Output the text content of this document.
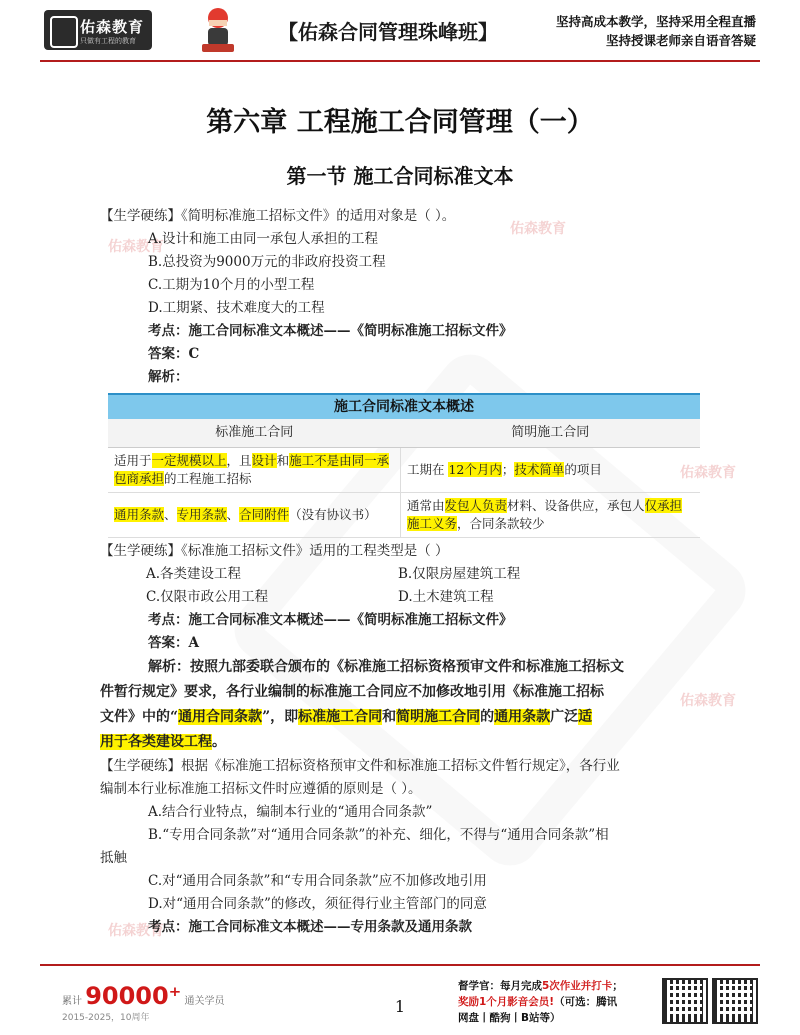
佑森教育
只做有工程的教育	【佑森合同管理珠峰班】	坚持高成本教学，坚持采用全程直播
坚持授课老师亲自语音答疑
佑森教育
佑森教育
佑森教育
佑森教育
佑森教育
第六章 工程施工合同管理（一）
第一节 施工合同标准文本
【生学硬练】《简明标准施工招标文件》的适用对象是（ ）。
A.设计和施工由同一承包人承担的工程
B.总投资为9000万元的非政府投资工程
C.工期为10个月的小型工程
D.工期紧、技术难度大的工程
考点：施工合同标准文本概述——《简明标准施工招标文件》
答案：C
解析：
施工合同标准文本概述	
标准施工合同	简明施工合同
适用于一定规模以上，且设计和施工不是由同一承包商承担的工程施工招标	工期在 12个月内；技术简单的项目
通用条款、专用条款、合同附件（没有协议书）	通常由发包人负责材料、设备供应，承包人仅承担施工义务，合同条款较少
【生学硬练】《标准施工招标文件》适用的工程类型是（ ）
A.各类建设工程	B.仅限房屋建筑工程
C.仅限市政公用工程	D.土木建筑工程
考点：施工合同标准文本概述——《简明标准施工招标文件》
答案：A
解析：按照九部委联合颁布的《标准施工招标资格预审文件和标准施工招标文
件暂行规定》要求，各行业编制的标准施工合同应不加修改地引用《标准施工招标
文件》中的“通用合同条款”，即标准施工合同和简明施工合同的通用条款广泛适
用于各类建设工程。
【生学硬练】根据《标准施工招标资格预审文件和标准施工招标文件暂行规定》，各行业
编制本行业标准施工招标文件时应遵循的原则是（ ）。
A.结合行业特点，编制本行业的“通用合同条款”
B.“专用合同条款”对“通用合同条款”的补充、细化，不得与“通用合同条款”相
抵触
C.对“通用合同条款”和“专用合同条款”应不加修改地引用
D.对“通用合同条款”的修改，须征得行业主管部门的同意
考点：施工合同标准文本概述——专用条款及通用条款
累计 90000⁺ 通关学员
2015-2025，10周年
1
督学官：每月完成5次作业并打卡；
奖励1个月影音会员!（可选：腾讯
网盘丨酷狗丨B站等）
